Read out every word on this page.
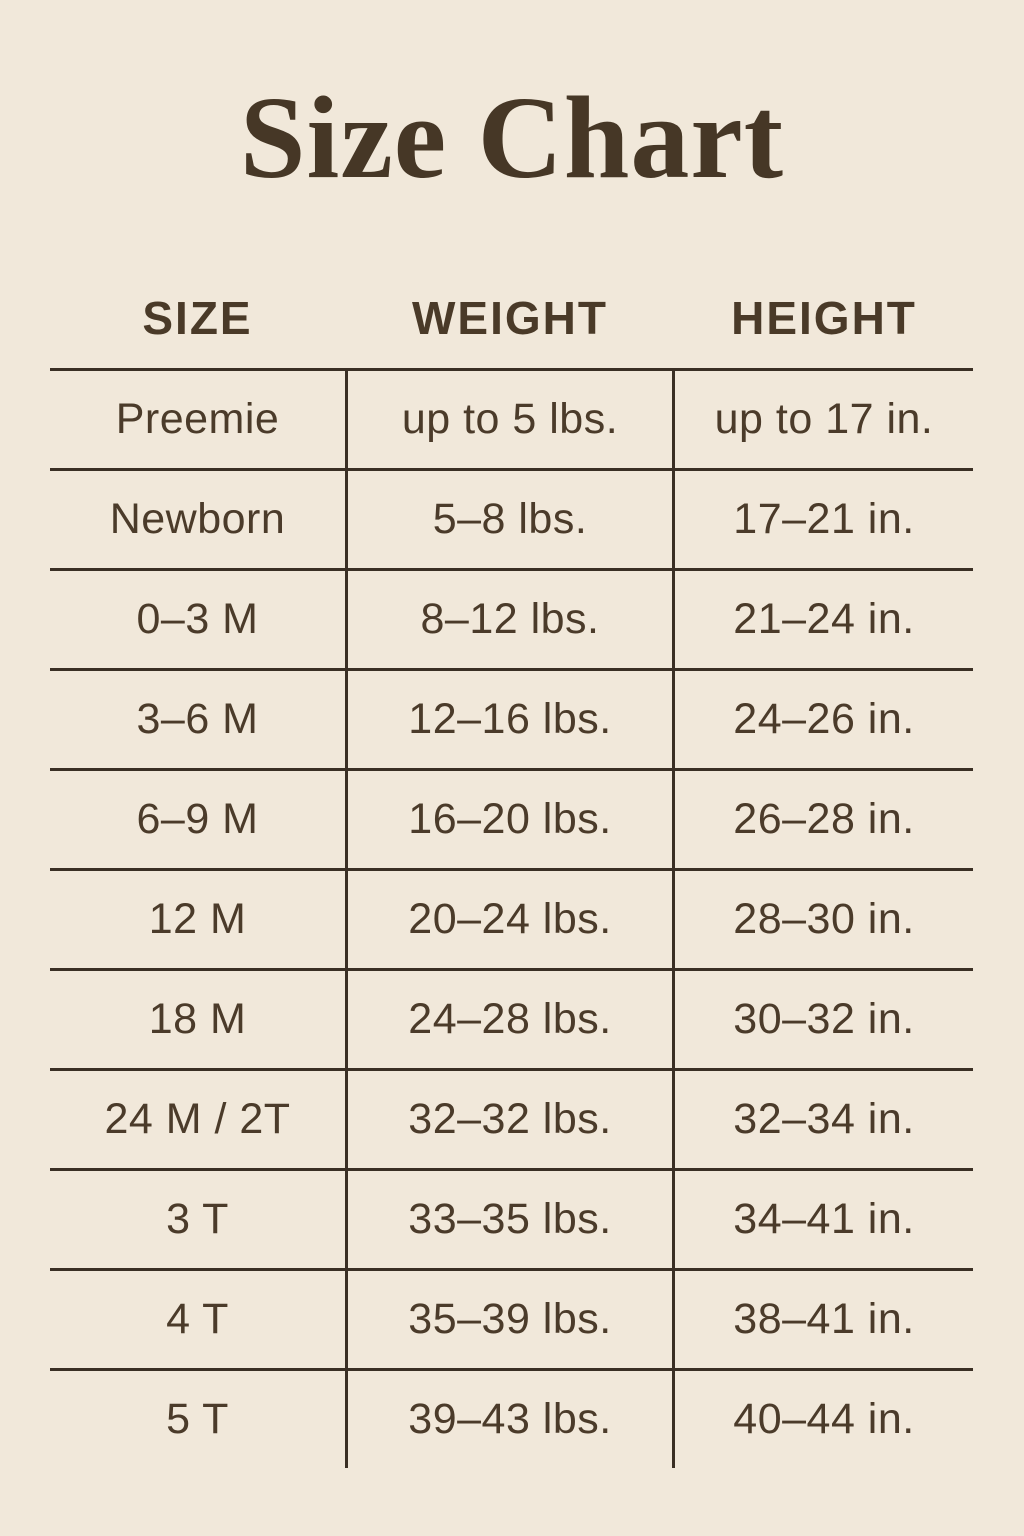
Size Chart
SIZE	WEIGHT	HEIGHT
Preemie	up to 5 lbs.	up to 17 in.
Newborn	5–8 lbs.	17–21 in.
0–3 M	8–12 lbs.	21–24 in.
3–6 M	12–16 lbs.	24–26 in.
6–9 M	16–20 lbs.	26–28 in.
12 M	20–24 lbs.	28–30 in.
18 M	24–28 lbs.	30–32 in.
24 M / 2T	32–32 lbs.	32–34 in.
3 T	33–35 lbs.	34–41 in.
4 T	35–39 lbs.	38–41 in.
5 T	39–43 lbs.	40–44 in.
